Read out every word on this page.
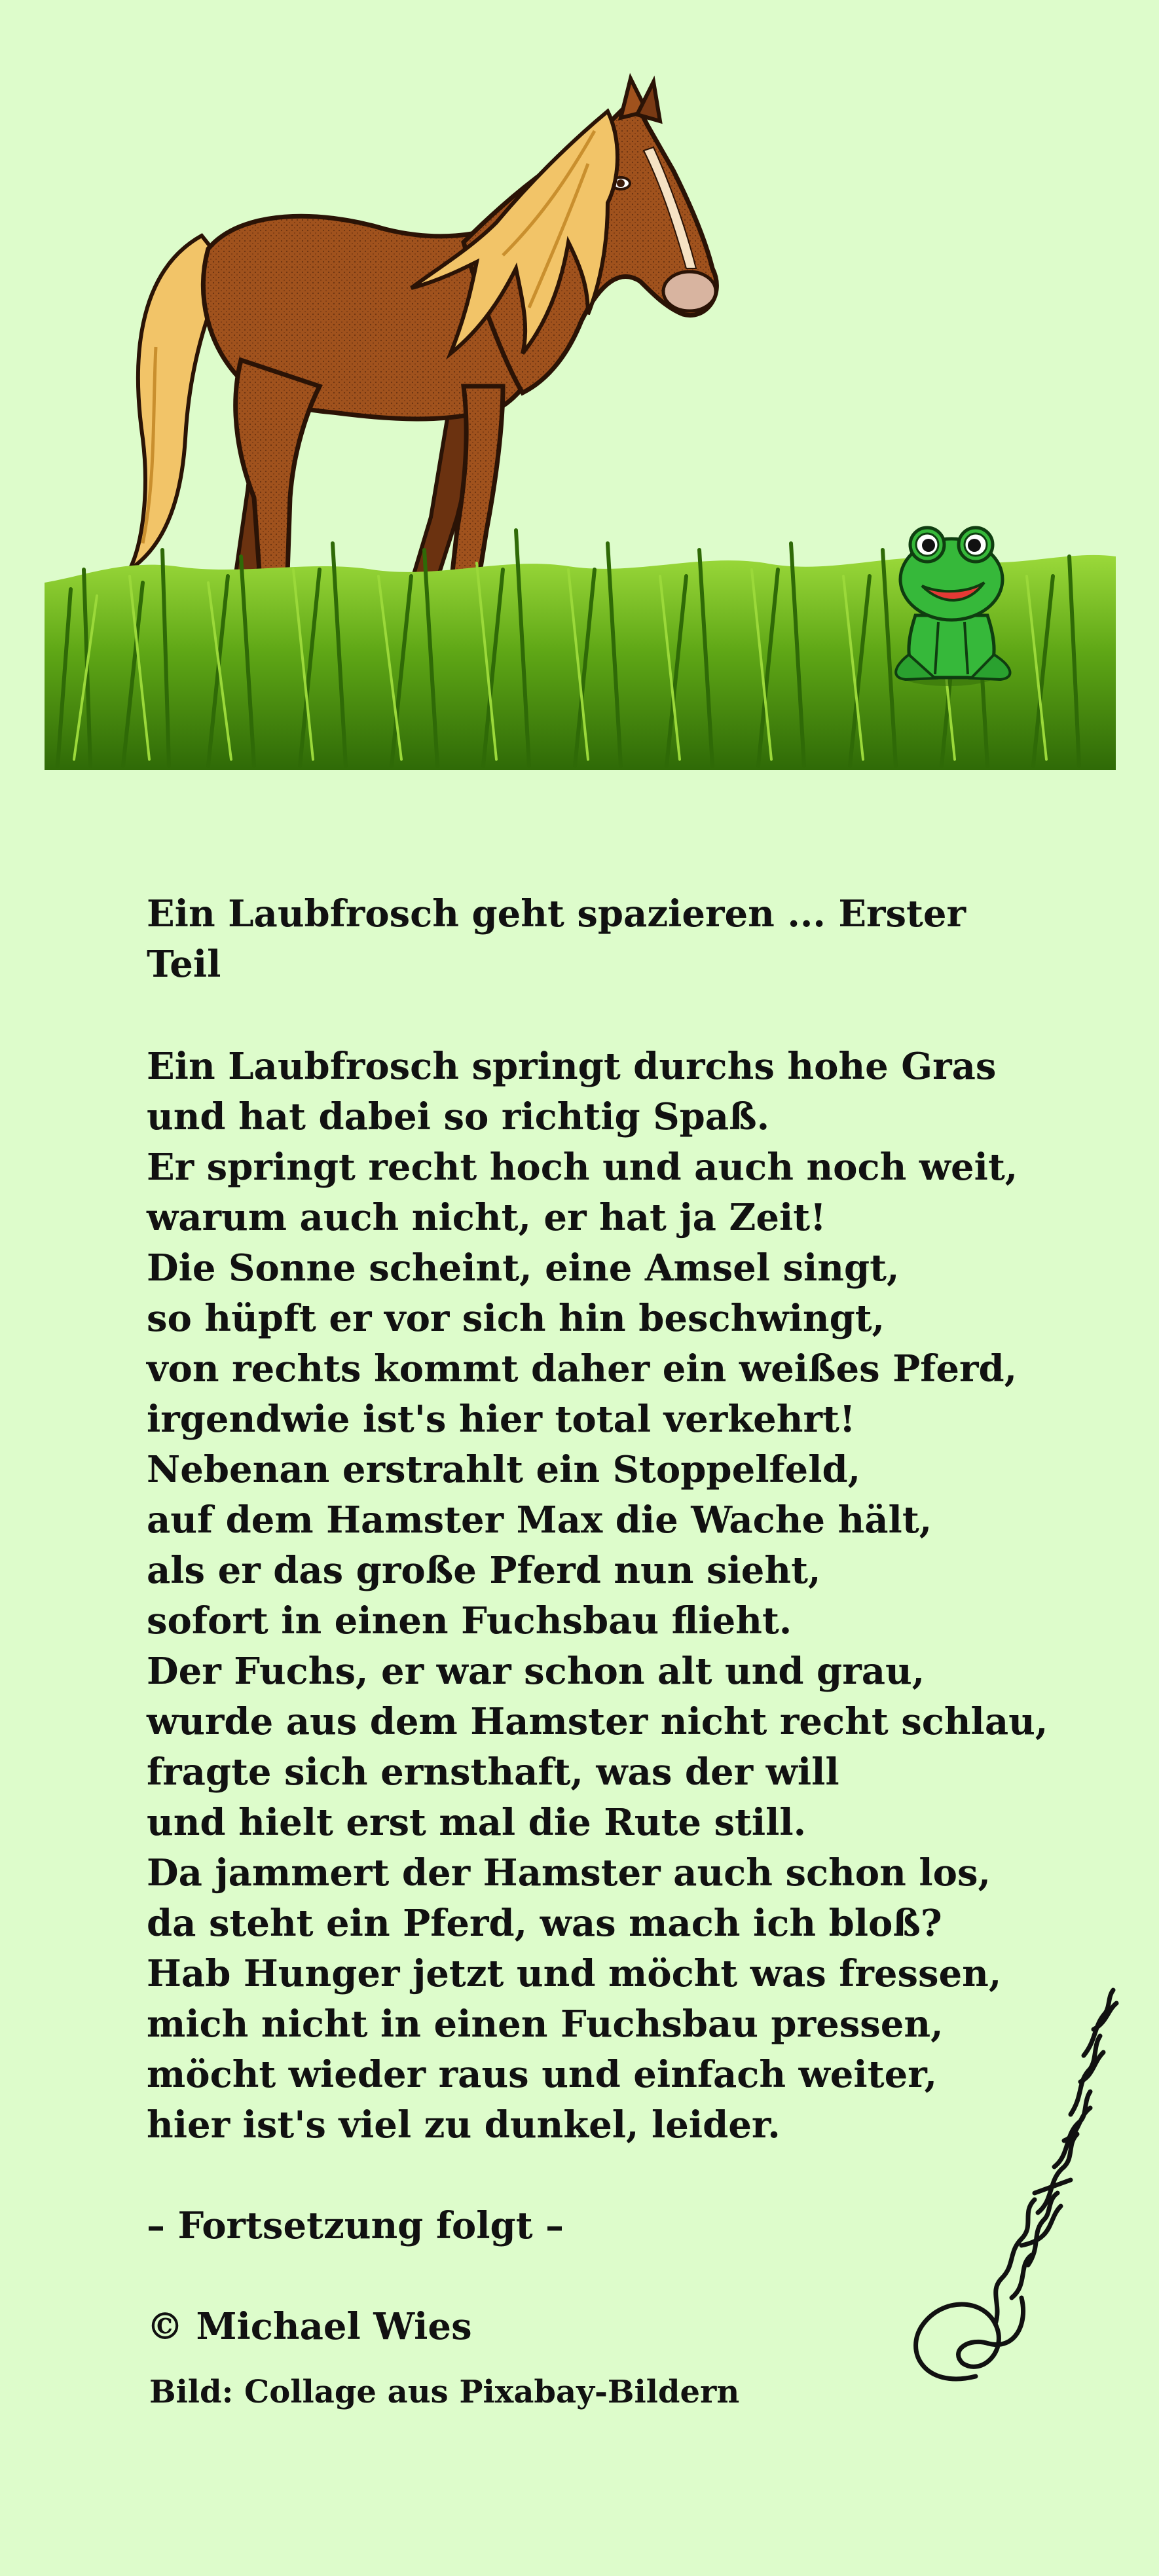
Ein Laubfrosch geht spazieren ... Erster Teil
Ein Laubfrosch springt durchs hohe Gras
und hat dabei so richtig Spaß.
Er springt recht hoch und auch noch weit,
warum auch nicht, er hat ja Zeit!
Die Sonne scheint, eine Amsel singt,
so hüpft er vor sich hin beschwingt,
von rechts kommt daher ein weißes Pferd,
irgendwie ist's hier total verkehrt!
Nebenan erstrahlt ein Stoppelfeld,
auf dem Hamster Max die Wache hält,
als er das große Pferd nun sieht,
sofort in einen Fuchsbau flieht.
Der Fuchs, er war schon alt und grau,
wurde aus dem Hamster nicht recht schlau,
fragte sich ernsthaft, was der will
und hielt erst mal die Rute still.
Da jammert der Hamster auch schon los,
da steht ein Pferd, was mach ich bloß?
Hab Hunger jetzt und möcht was fressen,
mich nicht in einen Fuchsbau pressen,
möcht wieder raus und einfach weiter,
hier ist's viel zu dunkel, leider.
– Fortsetzung folgt –
© Michael Wies
Bild: Collage aus Pixabay-Bildern
